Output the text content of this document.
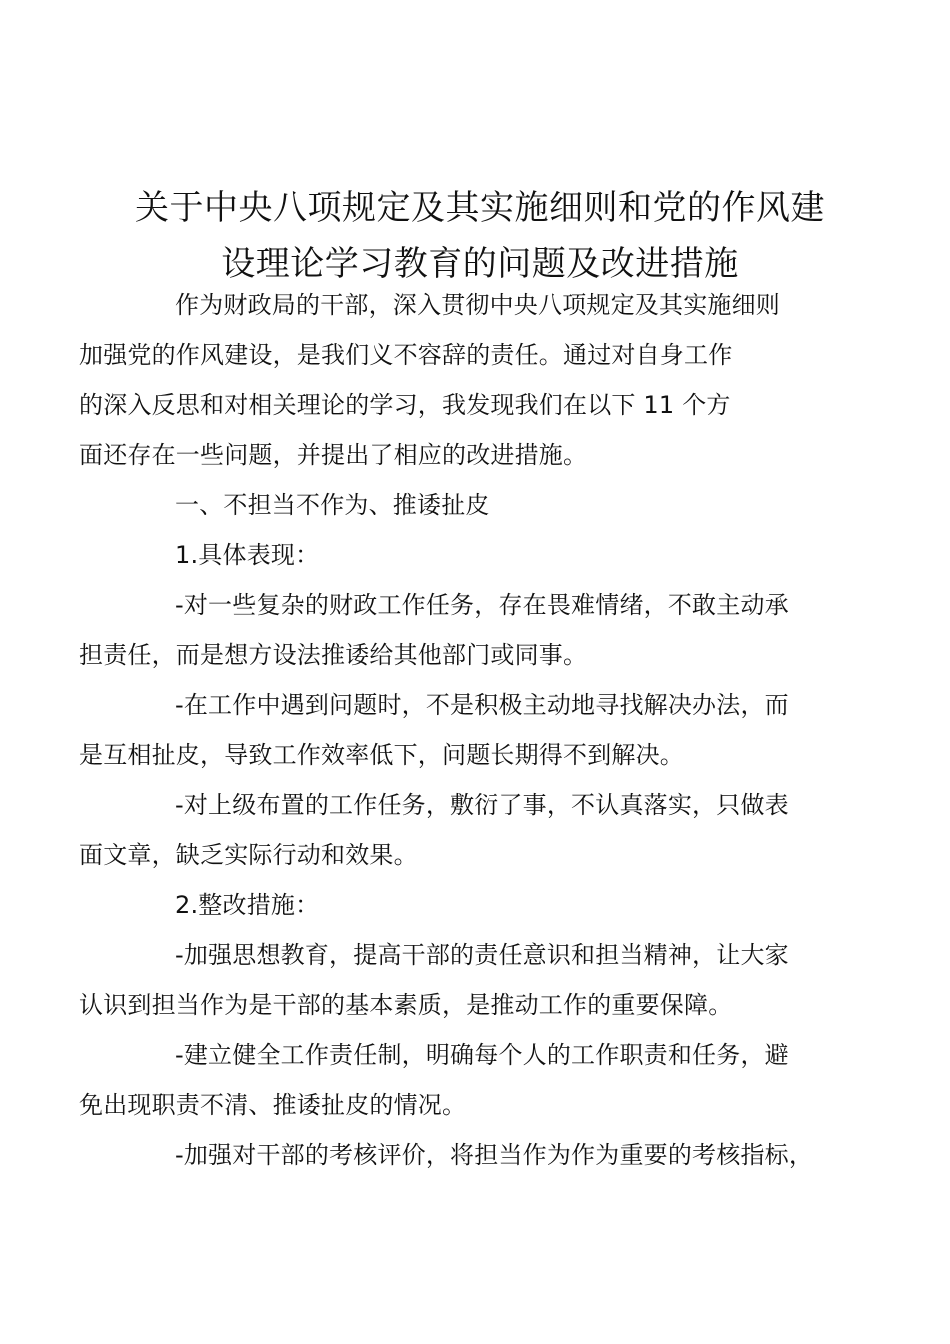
关于中央八项规定及其实施细则和党的作风建
设理论学习教育的问题及改进措施
作为财政局的干部，深入贯彻中央八项规定及其实施细则
加强党的作风建设，是我们义不容辞的责任。通过对自身工作
的深入反思和对相关理论的学习，我发现我们在以下 11 个方
面还存在一些问题，并提出了相应的改进措施。
一、不担当不作为、推诿扯皮
1.具体表现：
-对一些复杂的财政工作任务，存在畏难情绪，不敢主动承
担责任，而是想方设法推诿给其他部门或同事。
-在工作中遇到问题时，不是积极主动地寻找解决办法，而
是互相扯皮，导致工作效率低下，问题长期得不到解决。
-对上级布置的工作任务，敷衍了事，不认真落实，只做表
面文章，缺乏实际行动和效果。
2.整改措施：
-加强思想教育，提高干部的责任意识和担当精神，让大家
认识到担当作为是干部的基本素质，是推动工作的重要保障。
-建立健全工作责任制，明确每个人的工作职责和任务，避
免出现职责不清、推诿扯皮的情况。
-加强对干部的考核评价，将担当作为作为重要的考核指标，
